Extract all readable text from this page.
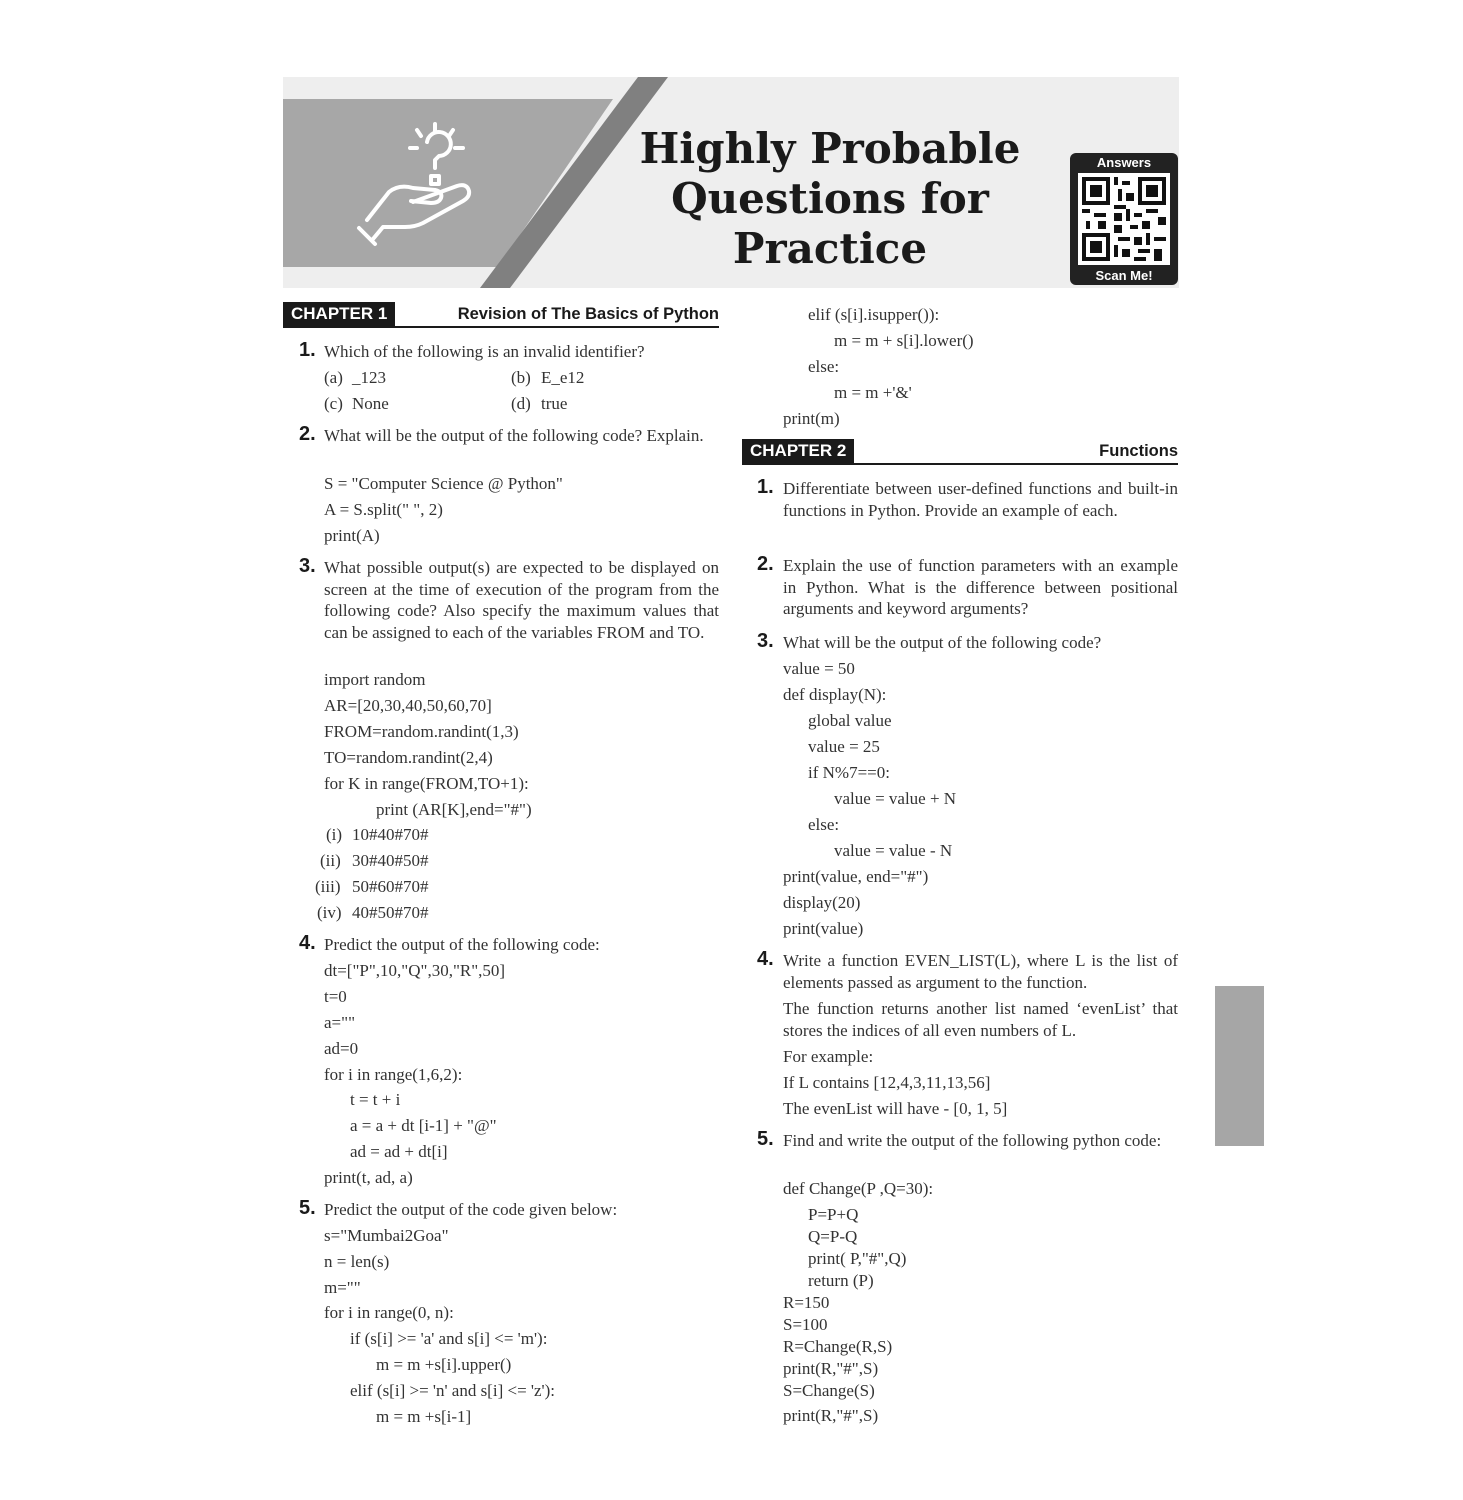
Highly Probable
Questions for
Practice
Answers
Scan Me!
CHAPTER 1	Revision of The Basics of Python
1. Which of the following is an invalid identifier?
(a) _123	(b) E_e12
(c) None	(d) true
2. What will be the output of the following code? Explain.
S = "Computer Science @ Python"
A = S.split(" ", 2)
print(A)
3. What possible output(s) are expected to be displayed on screen at the time of execution of the program from the following code? Also specify the maximum values that can be assigned to each of the variables FROM and TO.
import random
AR=[20,30,40,50,60,70]
FROM=random.randint(1,3)
TO=random.randint(2,4)
for K in range(FROM,TO+1):
print (AR[K],end="#")
(i) 10#40#70#
(ii) 30#40#50#
(iii) 50#60#70#
(iv) 40#50#70#
4. Predict the output of the following code:
dt=["P",10,"Q",30,"R",50]
t=0
a=""
ad=0
for i in range(1,6,2):
t = t + i
a = a + dt [i-1] + "@"
ad = ad + dt[i]
print(t, ad, a)
5. Predict the output of the code given below:
s="Mumbai2Goa"
n = len(s)
m=""
for i in range(0, n):
if (s[i] >= 'a' and s[i] <= 'm'):
m = m +s[i].upper()
elif (s[i] >= 'n' and s[i] <= 'z'):
m = m +s[i-1]
elif (s[i].isupper()):
m = m + s[i].lower()
else:
m = m +'&'
print(m)
CHAPTER 2	Functions
1. Differentiate between user-defined functions and built-in functions in Python. Provide an example of each.
2. Explain the use of function parameters with an example in Python. What is the difference between positional arguments and keyword arguments?
3. What will be the output of the following code?
value = 50
def display(N):
global value
value = 25
if N%7==0:
value = value + N
else:
value = value - N
print(value, end="#")
display(20)
print(value)
4. Write a function EVEN_LIST(L), where L is the list of elements passed as argument to the function.
The function returns another list named ‘evenList’ that stores the indices of all even numbers of L.
For example:
If L contains [12,4,3,11,13,56]
The evenList will have - [0, 1, 5]
5. Find and write the output of the following python code:
def Change(P ,Q=30):
P=P+Q
Q=P-Q
print( P,"#",Q)
return (P)
R=150
S=100
R=Change(R,S)
print(R,"#",S)
S=Change(S)
print(R,"#",S)
